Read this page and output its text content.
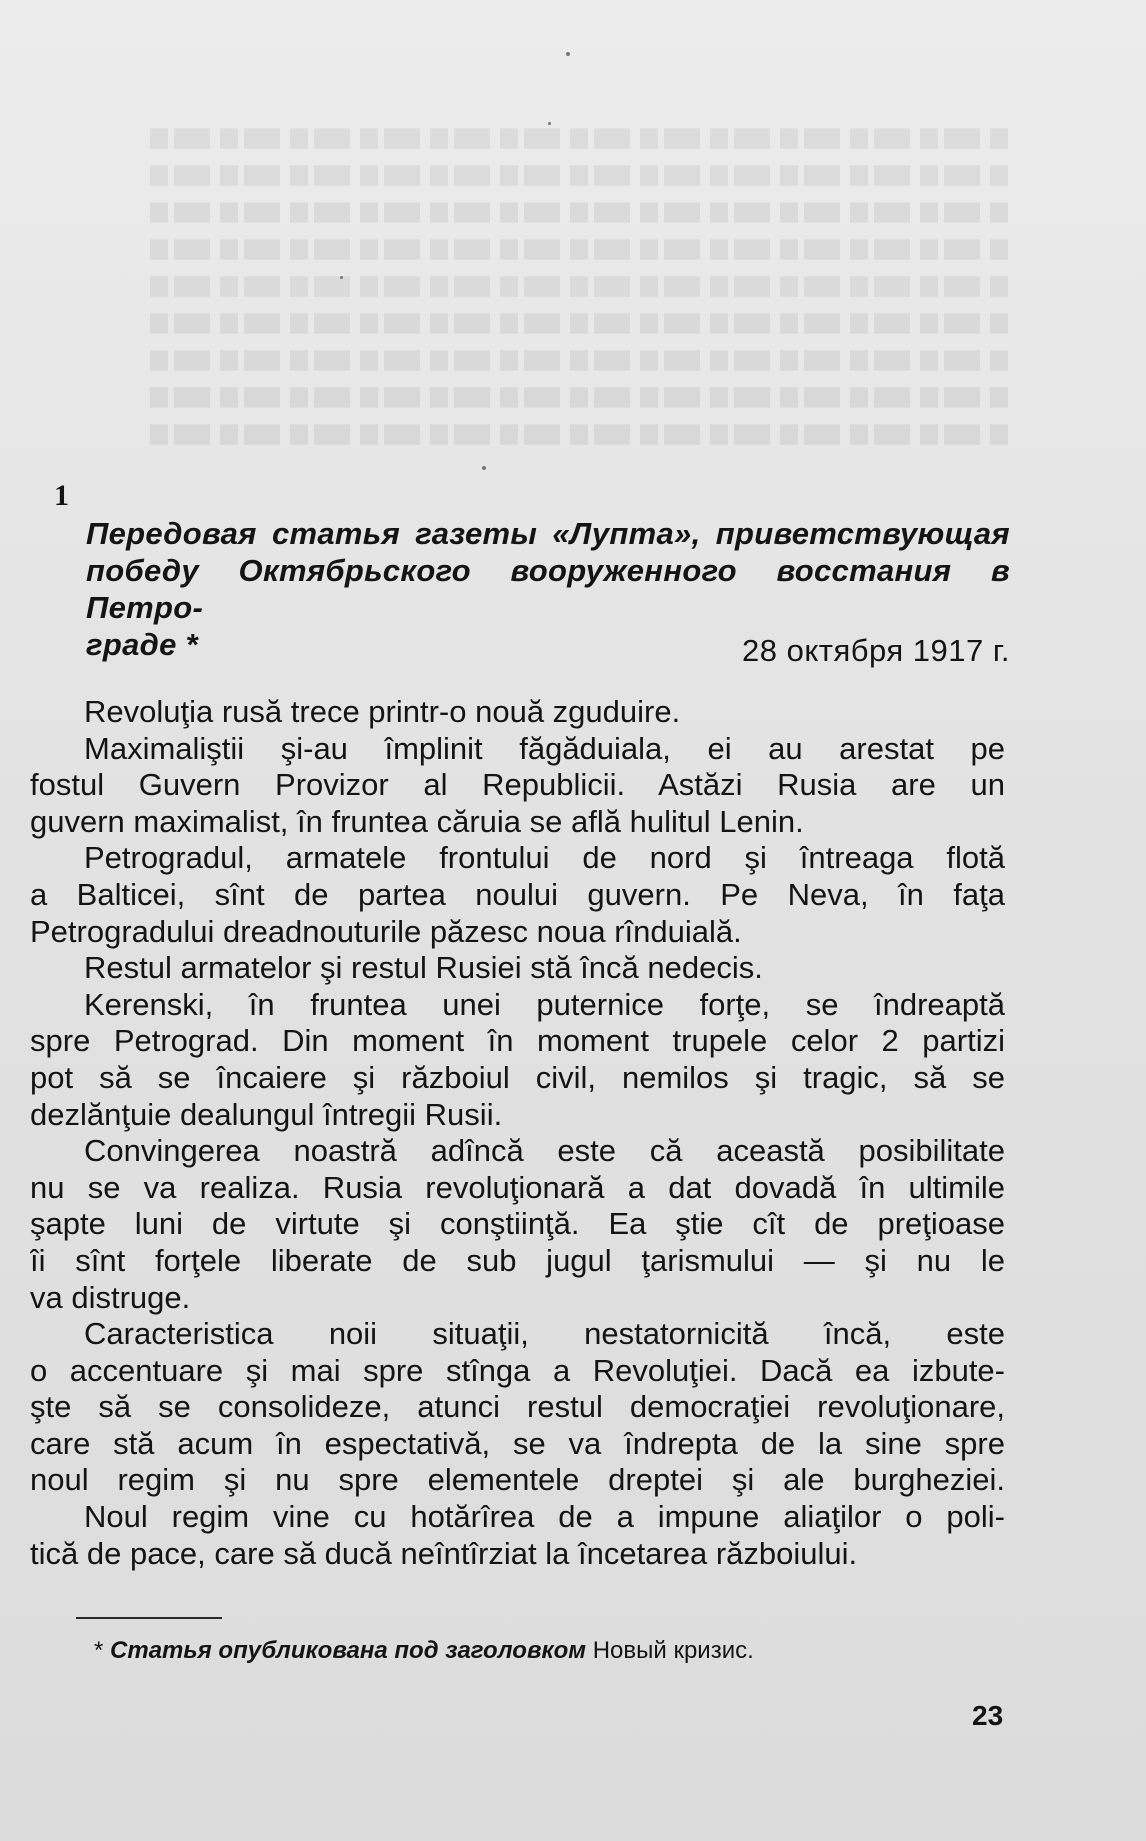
1
Передовая статья газеты «Лупта», приветствующая
победу Октябрьского вооруженного восстания в Петро-
граде *	28 октября 1917 г.
Revoluţia rusă trece printr-o nouă zguduire.
Maximaliştii şi-au împlinit făgăduiala, ei au arestat pe
fostul Guvern Provizor al Republicii. Astăzi Rusia are un
guvern maximalist, în fruntea căruia se află hulitul Lenin.
Petrogradul, armatele frontului de nord şi întreaga flotă
a Balticei, sînt de partea noului guvern. Pe Neva, în faţa
Petrogradului dreadnouturile păzesc noua rînduială.
Restul armatelor şi restul Rusiei stă încă nedecis.
Kerenski, în fruntea unei puternice forţe, se îndreaptă
spre Petrograd. Din moment în moment trupele celor 2 partizi
pot să se încaiere şi războiul civil, nemilos şi tragic, să se
dezlănţuie dealungul întregii Rusii.
Convingerea noastră adîncă este că această posibilitate
nu se va realiza. Rusia revoluţionară a dat dovadă în ultimile
şapte luni de virtute şi conştiinţă. Ea ştie cît de preţioase
îi sînt forţele liberate de sub jugul ţarismului — şi nu le
va distruge.
Caracteristica noii situaţii, nestatornicită încă, este
o accentuare şi mai spre stînga a Revoluţiei. Dacă ea izbute-
şte să se consolideze, atunci restul democraţiei revoluţionare,
care stă acum în espectativă, se va îndrepta de la sine spre
noul regim şi nu spre elementele dreptei şi ale burgheziei.
Noul regim vine cu hotărîrea de a impune aliaţilor o poli-
tică de pace, care să ducă neîntîrziat la încetarea războiului.
* Статья опубликована под заголовком Новый кризис.
23
